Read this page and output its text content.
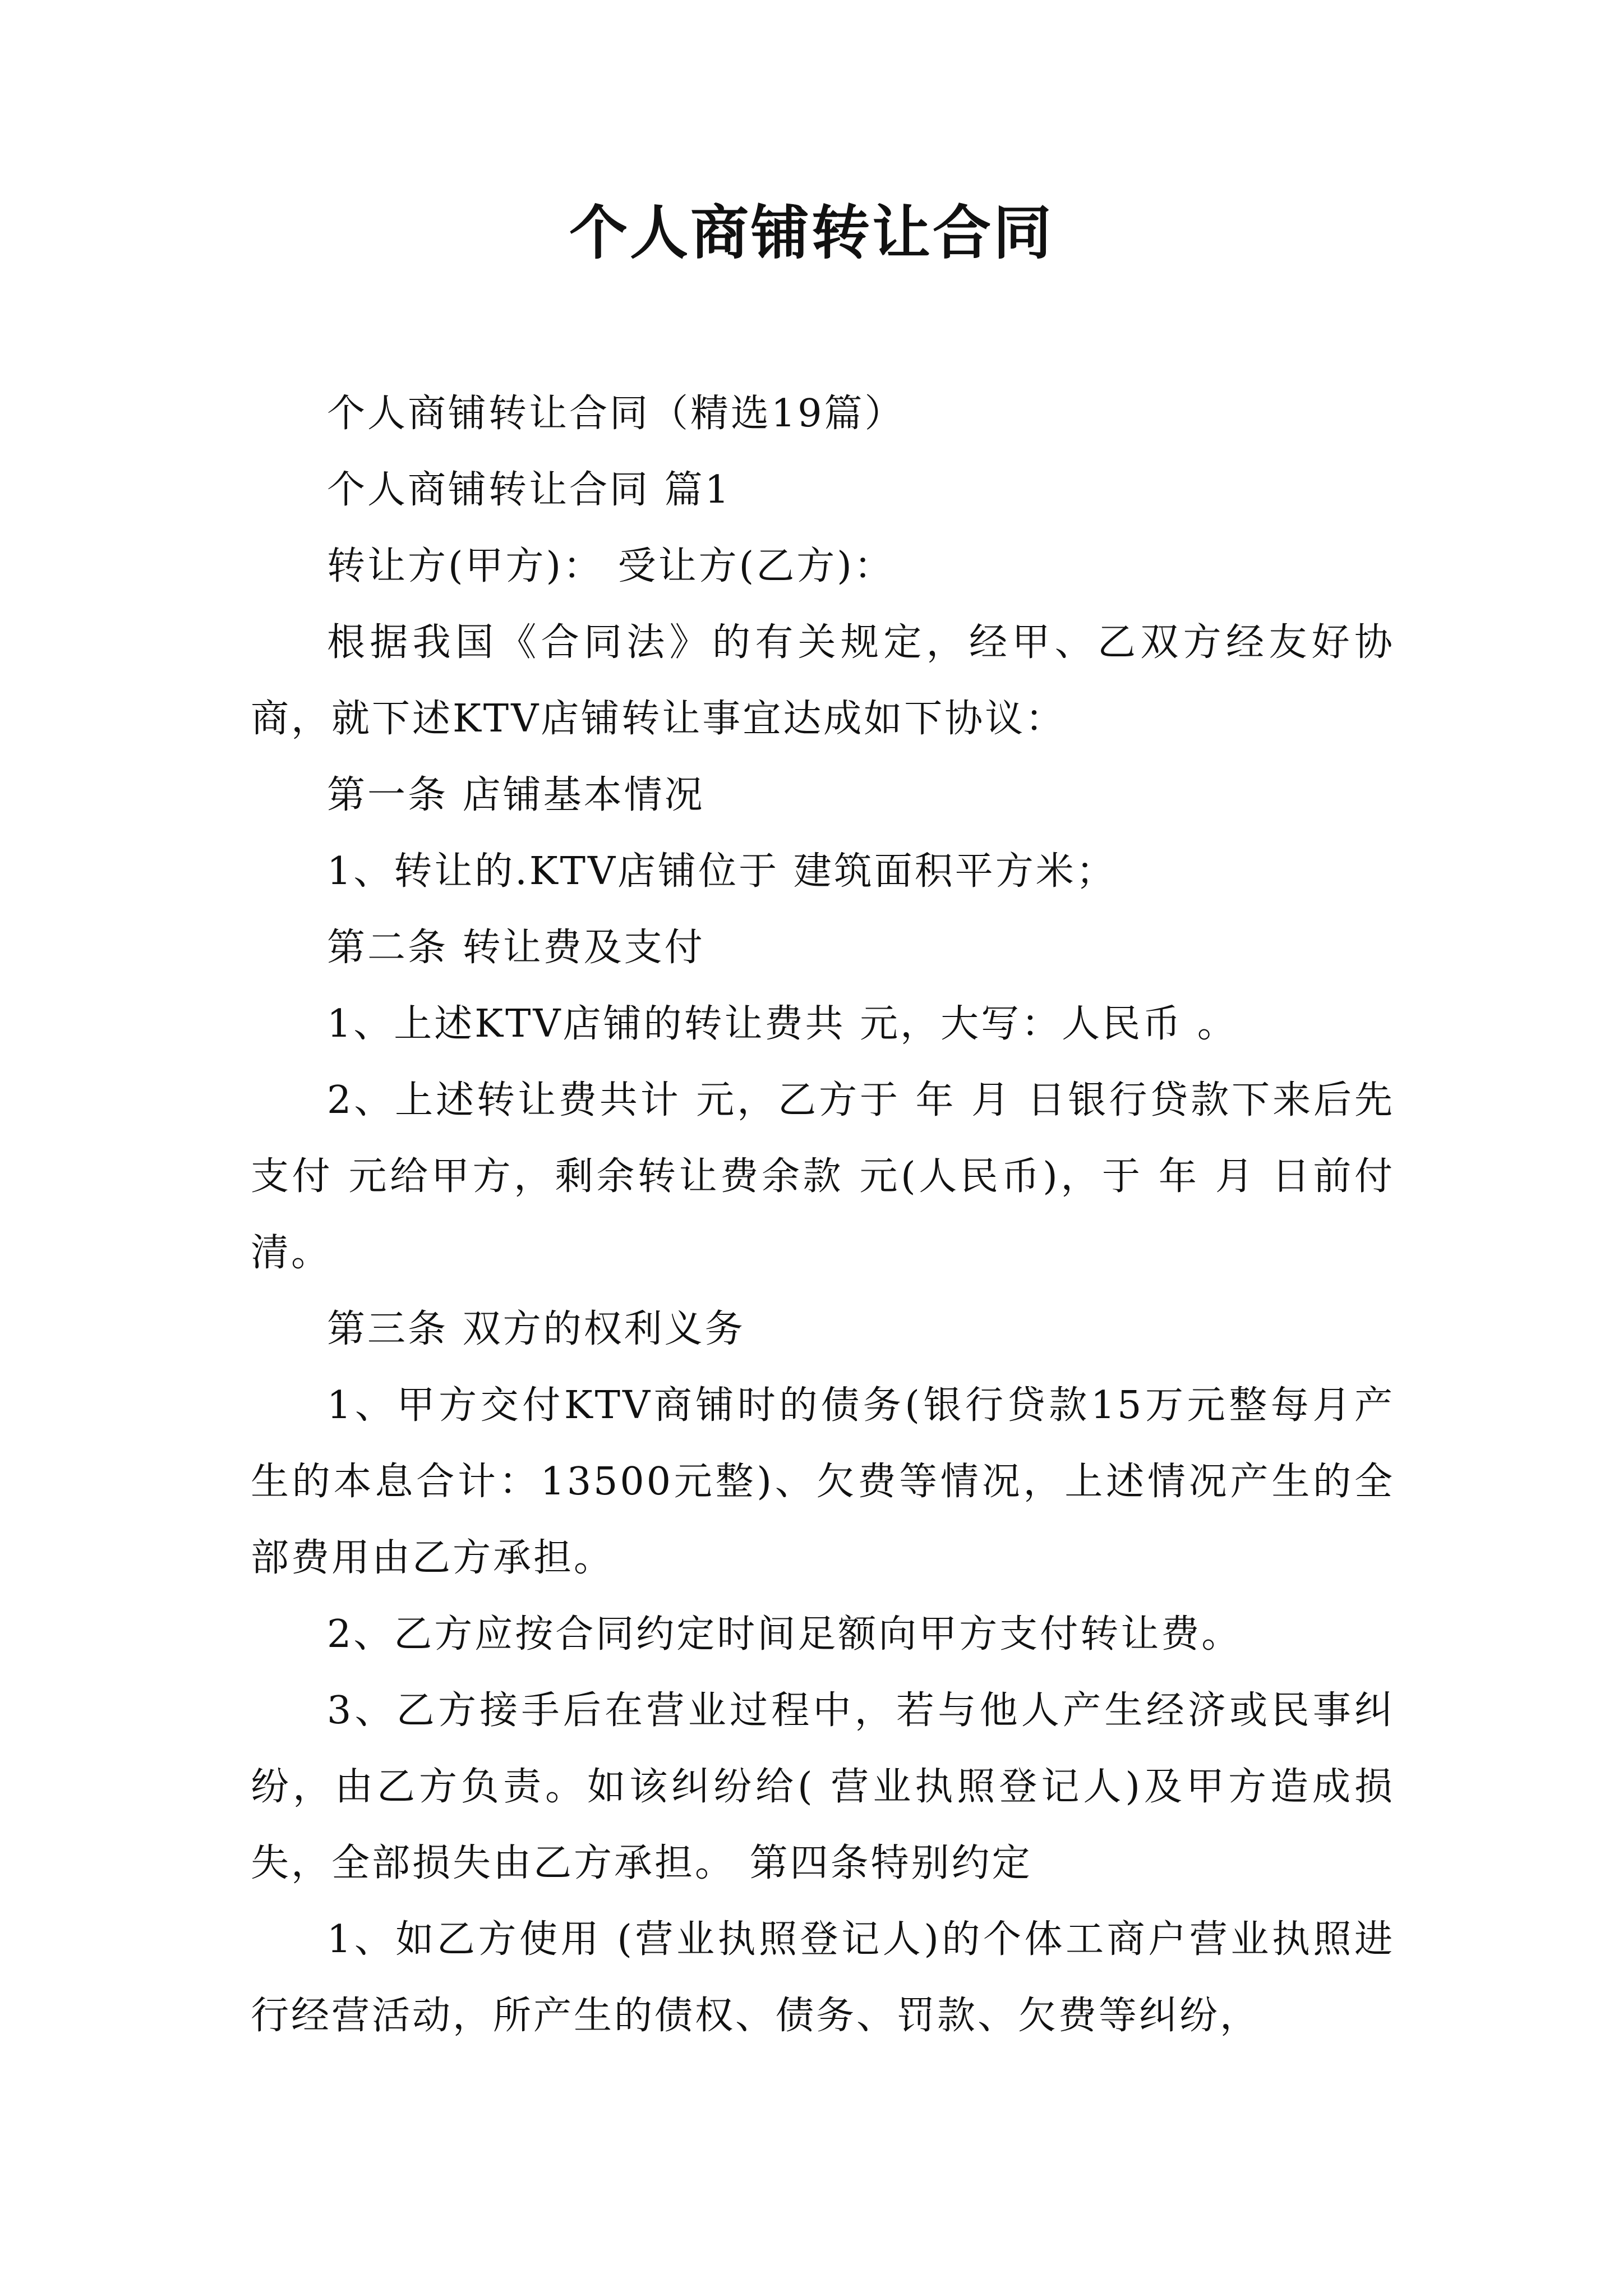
个人商铺转让合同

个人商铺转让合同（精选19篇）

个人商铺转让合同 篇1

转让方(甲方)： 受让方(乙方)：

根据我国《合同法》的有关规定，经甲、乙双方经友好协商，就下述KTV店铺转让事宜达成如下协议：

第一条 店铺基本情况

1、转让的.KTV店铺位于 建筑面积平方米；

第二条 转让费及支付

1、上述KTV店铺的转让费共 元，大写：人民币 。

2、上述转让费共计 元，乙方于 年 月 日银行贷款下来后先支付 元给甲方，剩余转让费余款 元(人民币)，于 年 月 日前付清。

第三条 双方的权利义务

1、甲方交付KTV商铺时的债务(银行贷款15万元整每月产生的本息合计：13500元整)、欠费等情况，上述情况产生的全部费用由乙方承担。

2、乙方应按合同约定时间足额向甲方支付转让费。

3、乙方接手后在营业过程中，若与他人产生经济或民事纠纷，由乙方负责。如该纠纷给( 营业执照登记人)及甲方造成损失，全部损失由乙方承担。 第四条特别约定

1、如乙方使用 (营业执照登记人)的个体工商户营业执照进行经营活动，所产生的债权、债务、罚款、欠费等纠纷，
